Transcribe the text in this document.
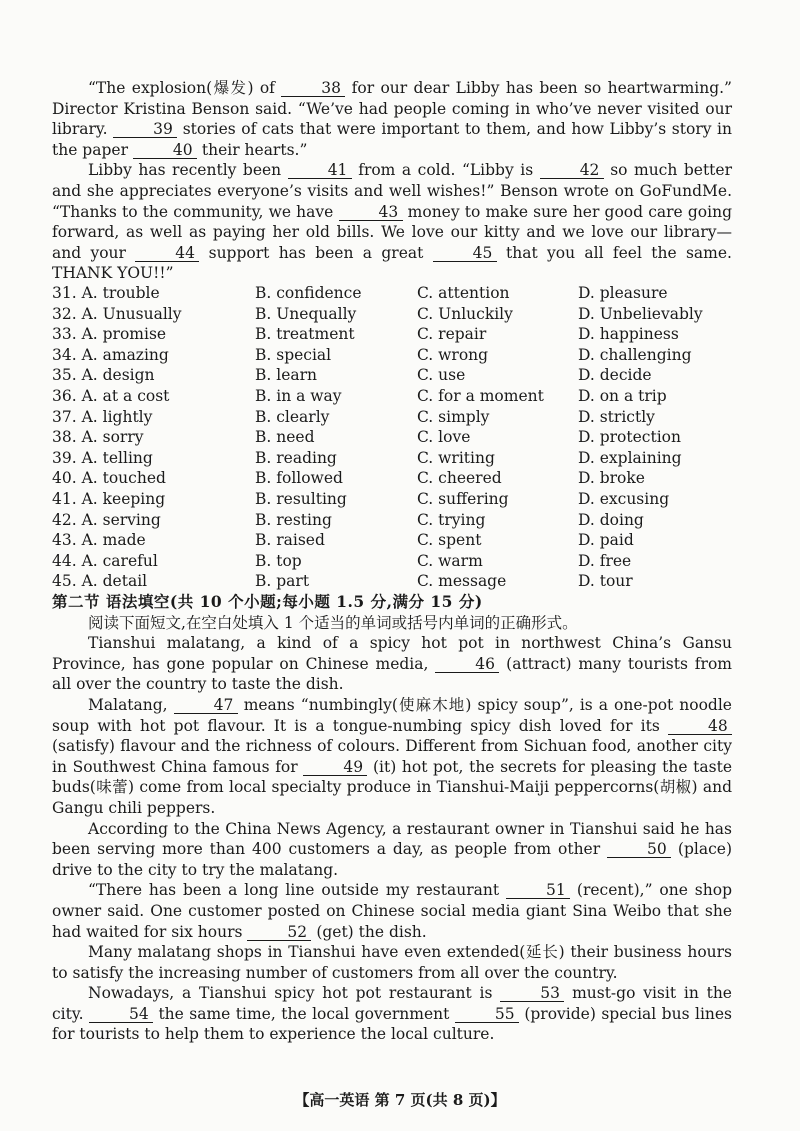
“The explosion(爆发) of	38 for our dear Libby has been so heartwarming.” Director Kristina Benson said. “We’ve had people coming in who’ve never visited our library.	39 stories of cats that were important to them, and how Libby’s story in the paper	40 their hearts.”

Libby has recently been	41 from a cold. “Libby is	42 so much better and she appreciates everyone’s visits and well wishes!” Benson wrote on GoFundMe. “Thanks to the community, we have	43 money to make sure her good care going forward, as well as paying her old bills. We love our kitty and we love our library—and your	44 support has been a great	45 that you all feel the same. THANK YOU!!”

31. A. trouble	B. confidence	C. attention	D. pleasure
32. A. Unusually	B. Unequally	C. Unluckily	D. Unbelievably
33. A. promise	B. treatment	C. repair	D. happiness
34. A. amazing	B. special	C. wrong	D. challenging
35. A. design	B. learn	C. use	D. decide
36. A. at a cost	B. in a way	C. for a moment	D. on a trip
37. A. lightly	B. clearly	C. simply	D. strictly
38. A. sorry	B. need	C. love	D. protection
39. A. telling	B. reading	C. writing	D. explaining
40. A. touched	B. followed	C. cheered	D. broke
41. A. keeping	B. resulting	C. suffering	D. excusing
42. A. serving	B. resting	C. trying	D. doing
43. A. made	B. raised	C. spent	D. paid
44. A. careful	B. top	C. warm	D. free
45. A. detail	B. part	C. message	D. tour

第二节 语法填空(共 10 个小题;每小题 1.5 分,满分 15 分)

阅读下面短文,在空白处填入 1 个适当的单词或括号内单词的正确形式。

Tianshui malatang, a kind of a spicy hot pot in northwest China’s Gansu Province, has gone popular on Chinese media,	46 (attract) many tourists from all over the country to taste the dish.

Malatang,	47 means “numbingly(使麻木地) spicy soup”, is a one-pot noodle soup with hot pot flavour. It is a tongue-numbing spicy dish loved for its	48 (satisfy) flavour and the richness of colours. Different from Sichuan food, another city in Southwest China famous for	49 (it) hot pot, the secrets for pleasing the taste buds(味蕾) come from local specialty produce in Tianshui-Maiji peppercorns(胡椒) and Gangu chili peppers.

According to the China News Agency, a restaurant owner in Tianshui said he has been serving more than 400 customers a day, as people from other	50 (place) drive to the city to try the malatang.

“There has been a long line outside my restaurant	51 (recent),” one shop owner said. One customer posted on Chinese social media giant Sina Weibo that she had waited for six hours	52 (get) the dish.

Many malatang shops in Tianshui have even extended(延长) their business hours to satisfy the increasing number of customers from all over the country.

Nowadays, a Tianshui spicy hot pot restaurant is	53 must-go visit in the city.	54 the same time, the local government	55 (provide) special bus lines for tourists to help them to experience the local culture.

【高一英语 第 7 页(共 8 页)】
